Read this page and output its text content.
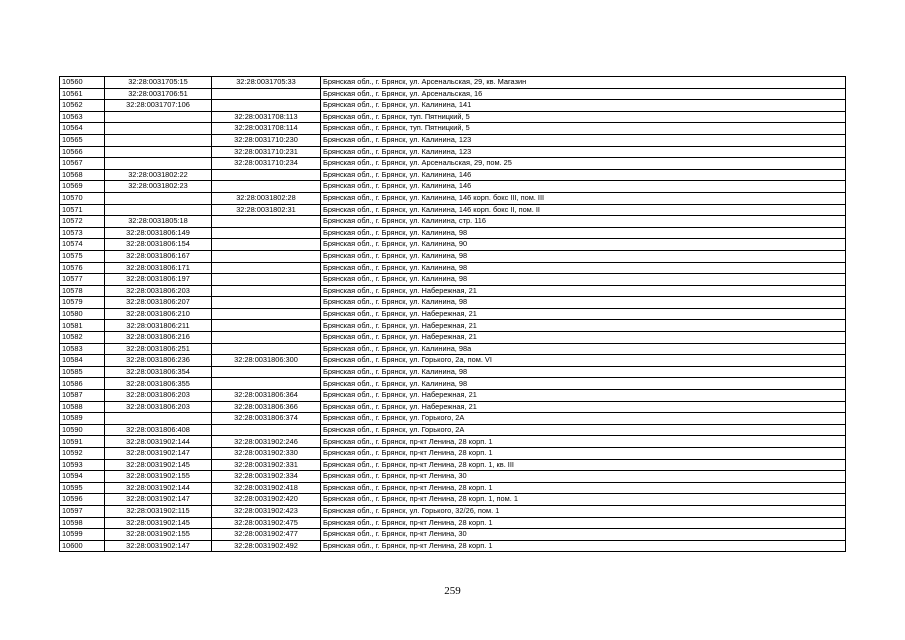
10560	32:28:0031705:15	32:28:0031705:33	Брянская обл., г. Брянск, ул. Арсенальская, 29, кв. Магазин
10561	32:28:0031706:51		Брянская обл., г. Брянск, ул. Арсенальская, 16
10562	32:28:0031707:106		Брянская обл., г. Брянск, ул. Калинина, 141
10563		32:28:0031708:113	Брянская обл., г. Брянск, туп. Пятницкий, 5
10564		32:28:0031708:114	Брянская обл., г. Брянск, туп. Пятницкий, 5
10565		32:28:0031710:230	Брянская обл., г. Брянск, ул. Калинина, 123
10566		32:28:0031710:231	Брянская обл., г. Брянск, ул. Калинина, 123
10567		32:28:0031710:234	Брянская обл., г. Брянск, ул. Арсенальская, 29, пом. 25
10568	32:28:0031802:22		Брянская обл., г. Брянск, ул. Калинина, 146
10569	32:28:0031802:23		Брянская обл., г. Брянск, ул. Калинина, 146
10570		32:28:0031802:28	Брянская обл., г. Брянск, ул. Калинина, 146 корп. бокс III, пом. III
10571		32:28:0031802:31	Брянская обл., г. Брянск, ул. Калинина, 146 корп. бокс II, пом. II
10572	32:28:0031805:18		Брянская обл., г. Брянск, ул. Калинина, стр. 116
10573	32:28:0031806:149		Брянская обл., г. Брянск, ул. Калинина, 98
10574	32:28:0031806:154		Брянская обл., г. Брянск, ул. Калинина, 90
10575	32:28:0031806:167		Брянская обл., г. Брянск, ул. Калинина, 98
10576	32:28:0031806:171		Брянская обл., г. Брянск, ул. Калинина, 98
10577	32:28:0031806:197		Брянская обл., г. Брянск, ул. Калинина, 98
10578	32:28:0031806:203		Брянская обл., г. Брянск, ул. Набережная, 21
10579	32:28:0031806:207		Брянская обл., г. Брянск, ул. Калинина, 98
10580	32:28:0031806:210		Брянская обл., г. Брянск, ул. Набережная, 21
10581	32:28:0031806:211		Брянская обл., г. Брянск, ул. Набережная, 21
10582	32:28:0031806:216		Брянская обл., г. Брянск, ул. Набережная, 21
10583	32:28:0031806:251		Брянская обл., г. Брянск, ул. Калинина, 98а
10584	32:28:0031806:236	32:28:0031806:300	Брянская обл., г. Брянск, ул. Горького, 2а, пом. VI
10585	32:28:0031806:354		Брянская обл., г. Брянск, ул. Калинина, 98
10586	32:28:0031806:355		Брянская обл., г. Брянск, ул. Калинина, 98
10587	32:28:0031806:203	32:28:0031806:364	Брянская обл., г. Брянск, ул. Набережная, 21
10588	32:28:0031806:203	32:28:0031806:366	Брянская обл., г. Брянск, ул. Набережная, 21
10589		32:28:0031806:374	Брянская обл., г. Брянск, ул. Горького, 2А
10590	32:28:0031806:408		Брянская обл., г. Брянск, ул. Горького, 2А
10591	32:28:0031902:144	32:28:0031902:246	Брянская обл., г. Брянск, пр-кт Ленина, 28 корп. 1
10592	32:28:0031902:147	32:28:0031902:330	Брянская обл., г. Брянск, пр-кт Ленина, 28 корп. 1
10593	32:28:0031902:145	32:28:0031902:331	Брянская обл., г. Брянск, пр-кт Ленина, 28 корп. 1, кв. III
10594	32:28:0031902:155	32:28:0031902:334	Брянская обл., г. Брянск, пр-кт Ленина, 30
10595	32:28:0031902:144	32:28:0031902:418	Брянская обл., г. Брянск, пр-кт Ленина, 28 корп. 1
10596	32:28:0031902:147	32:28:0031902:420	Брянская обл., г. Брянск, пр-кт Ленина, 28 корп. 1, пом. 1
10597	32:28:0031902:115	32:28:0031902:423	Брянская обл., г. Брянск, ул. Горького, 32/26, пом. 1
10598	32:28:0031902:145	32:28:0031902:475	Брянская обл., г. Брянск, пр-кт Ленина, 28 корп. 1
10599	32:28:0031902:155	32:28:0031902:477	Брянская обл., г. Брянск, пр-кт Ленина, 30
10600	32:28:0031902:147	32:28:0031902:492	Брянская обл., г. Брянск, пр-кт Ленина, 28 корп. 1
259
